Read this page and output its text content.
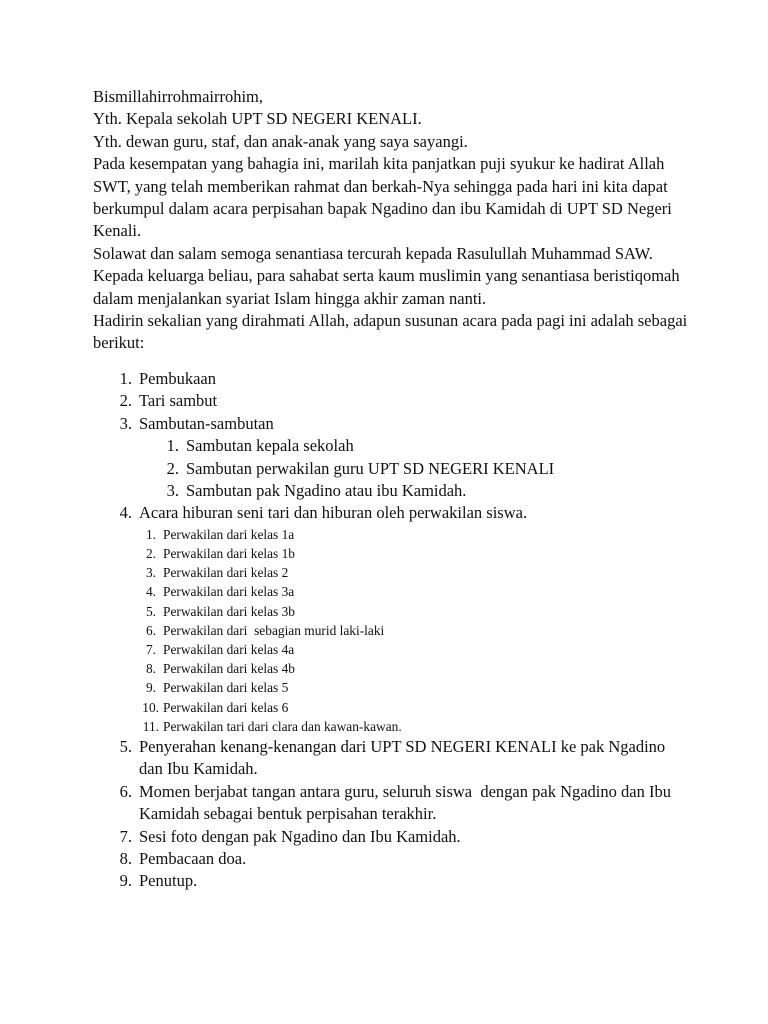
Bismillahirrohmairrohim,

Yth. Kepala sekolah UPT SD NEGERI KENALI.

Yth. dewan guru, staf, dan anak-anak yang saya sayangi.

Pada kesempatan yang bahagia ini, marilah kita panjatkan puji syukur ke hadirat Allah SWT, yang telah memberikan rahmat dan berkah-Nya sehingga pada hari ini kita dapat berkumpul dalam acara perpisahan bapak Ngadino dan ibu Kamidah di UPT SD Negeri Kenali.

Solawat dan salam semoga senantiasa tercurah kepada Rasulullah Muhammad SAW. Kepada keluarga beliau, para sahabat serta kaum muslimin yang senantiasa beristiqomah dalam menjalankan syariat Islam hingga akhir zaman nanti.

Hadirin sekalian yang dirahmati Allah, adapun susunan acara pada pagi ini adalah sebagai berikut:

1. Pembukaan
2. Tari sambut
3. Sambutan-sambutan
1. Sambutan kepala sekolah
2. Sambutan perwakilan guru UPT SD NEGERI KENALI
3. Sambutan pak Ngadino atau ibu Kamidah.
4. Acara hiburan seni tari dan hiburan oleh perwakilan siswa.
1. Perwakilan dari kelas 1a
2. Perwakilan dari kelas 1b
3. Perwakilan dari kelas 2
4. Perwakilan dari kelas 3a
5. Perwakilan dari kelas 3b
6. Perwakilan dari  sebagian murid laki-laki
7. Perwakilan dari kelas 4a
8. Perwakilan dari kelas 4b
9. Perwakilan dari kelas 5
10. Perwakilan dari kelas 6
11. Perwakilan tari dari clara dan kawan-kawan.
5. Penyerahan kenang-kenangan dari UPT SD NEGERI KENALI ke pak Ngadino dan Ibu Kamidah.
6. Momen berjabat tangan antara guru, seluruh siswa  dengan pak Ngadino dan Ibu Kamidah sebagai bentuk perpisahan terakhir.
7. Sesi foto dengan pak Ngadino dan Ibu Kamidah.
8. Pembacaan doa.
9. Penutup.
